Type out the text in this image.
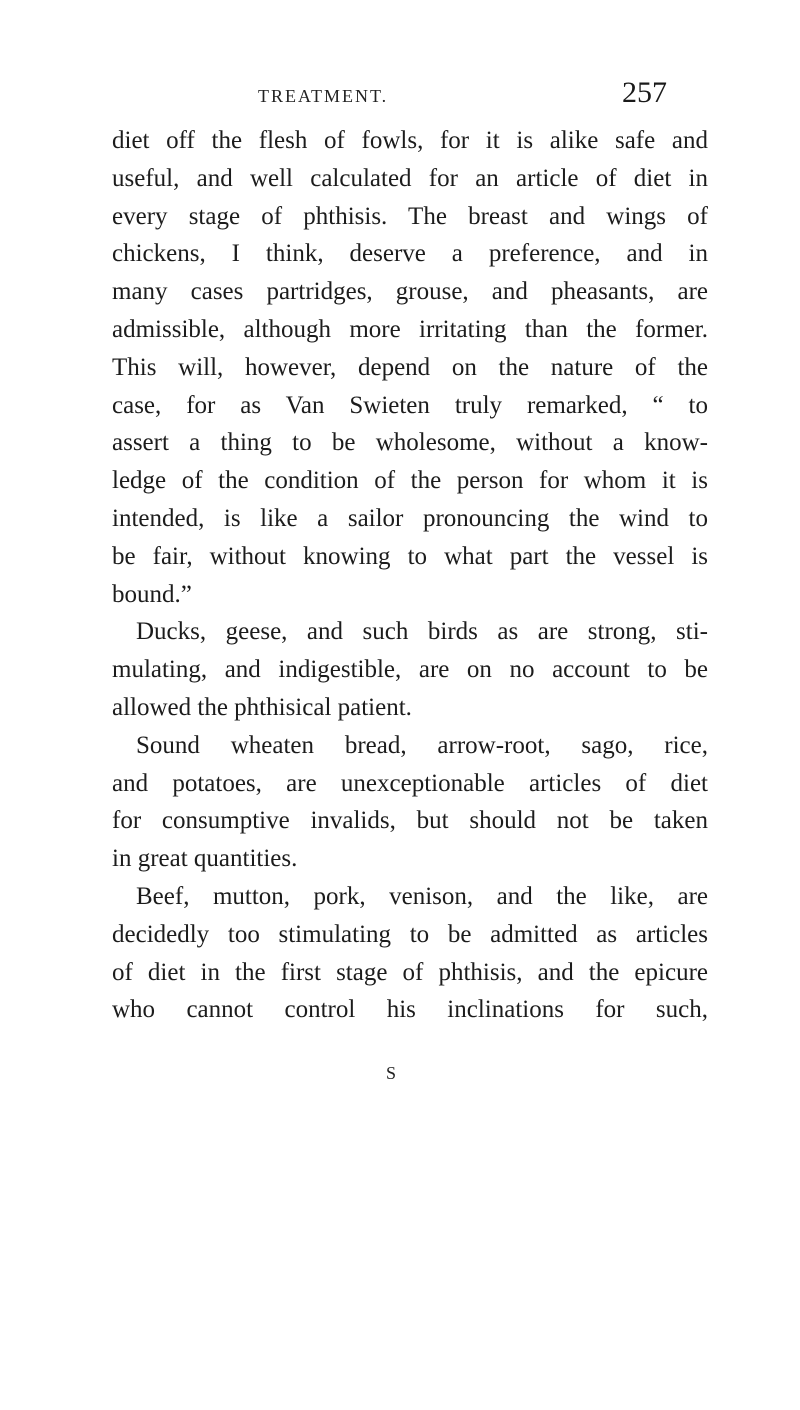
TREATMENT.	257
diet off the flesh of fowls, for it is alike safe and
useful, and well calculated for an article of diet in
every stage of phthisis. The breast and wings of
chickens, I think, deserve a preference, and in
many cases partridges, grouse, and pheasants, are
admissible, although more irritating than the former.
This will, however, depend on the nature of the
case, for as Van Swieten truly remarked, “ to
assert a thing to be wholesome, without a know-
ledge of the condition of the person for whom it is
intended, is like a sailor pronouncing the wind to
be fair, without knowing to what part the vessel is
bound.”
Ducks, geese, and such birds as are strong, sti-
mulating, and indigestible, are on no account to be
allowed the phthisical patient.
Sound wheaten bread, arrow-root, sago, rice,
and potatoes, are unexceptionable articles of diet
for consumptive invalids, but should not be taken
in great quantities.
Beef, mutton, pork, venison, and the like, are
decidedly too stimulating to be admitted as articles
of diet in the first stage of phthisis, and the epicure
who cannot control his inclinations for such,
S
